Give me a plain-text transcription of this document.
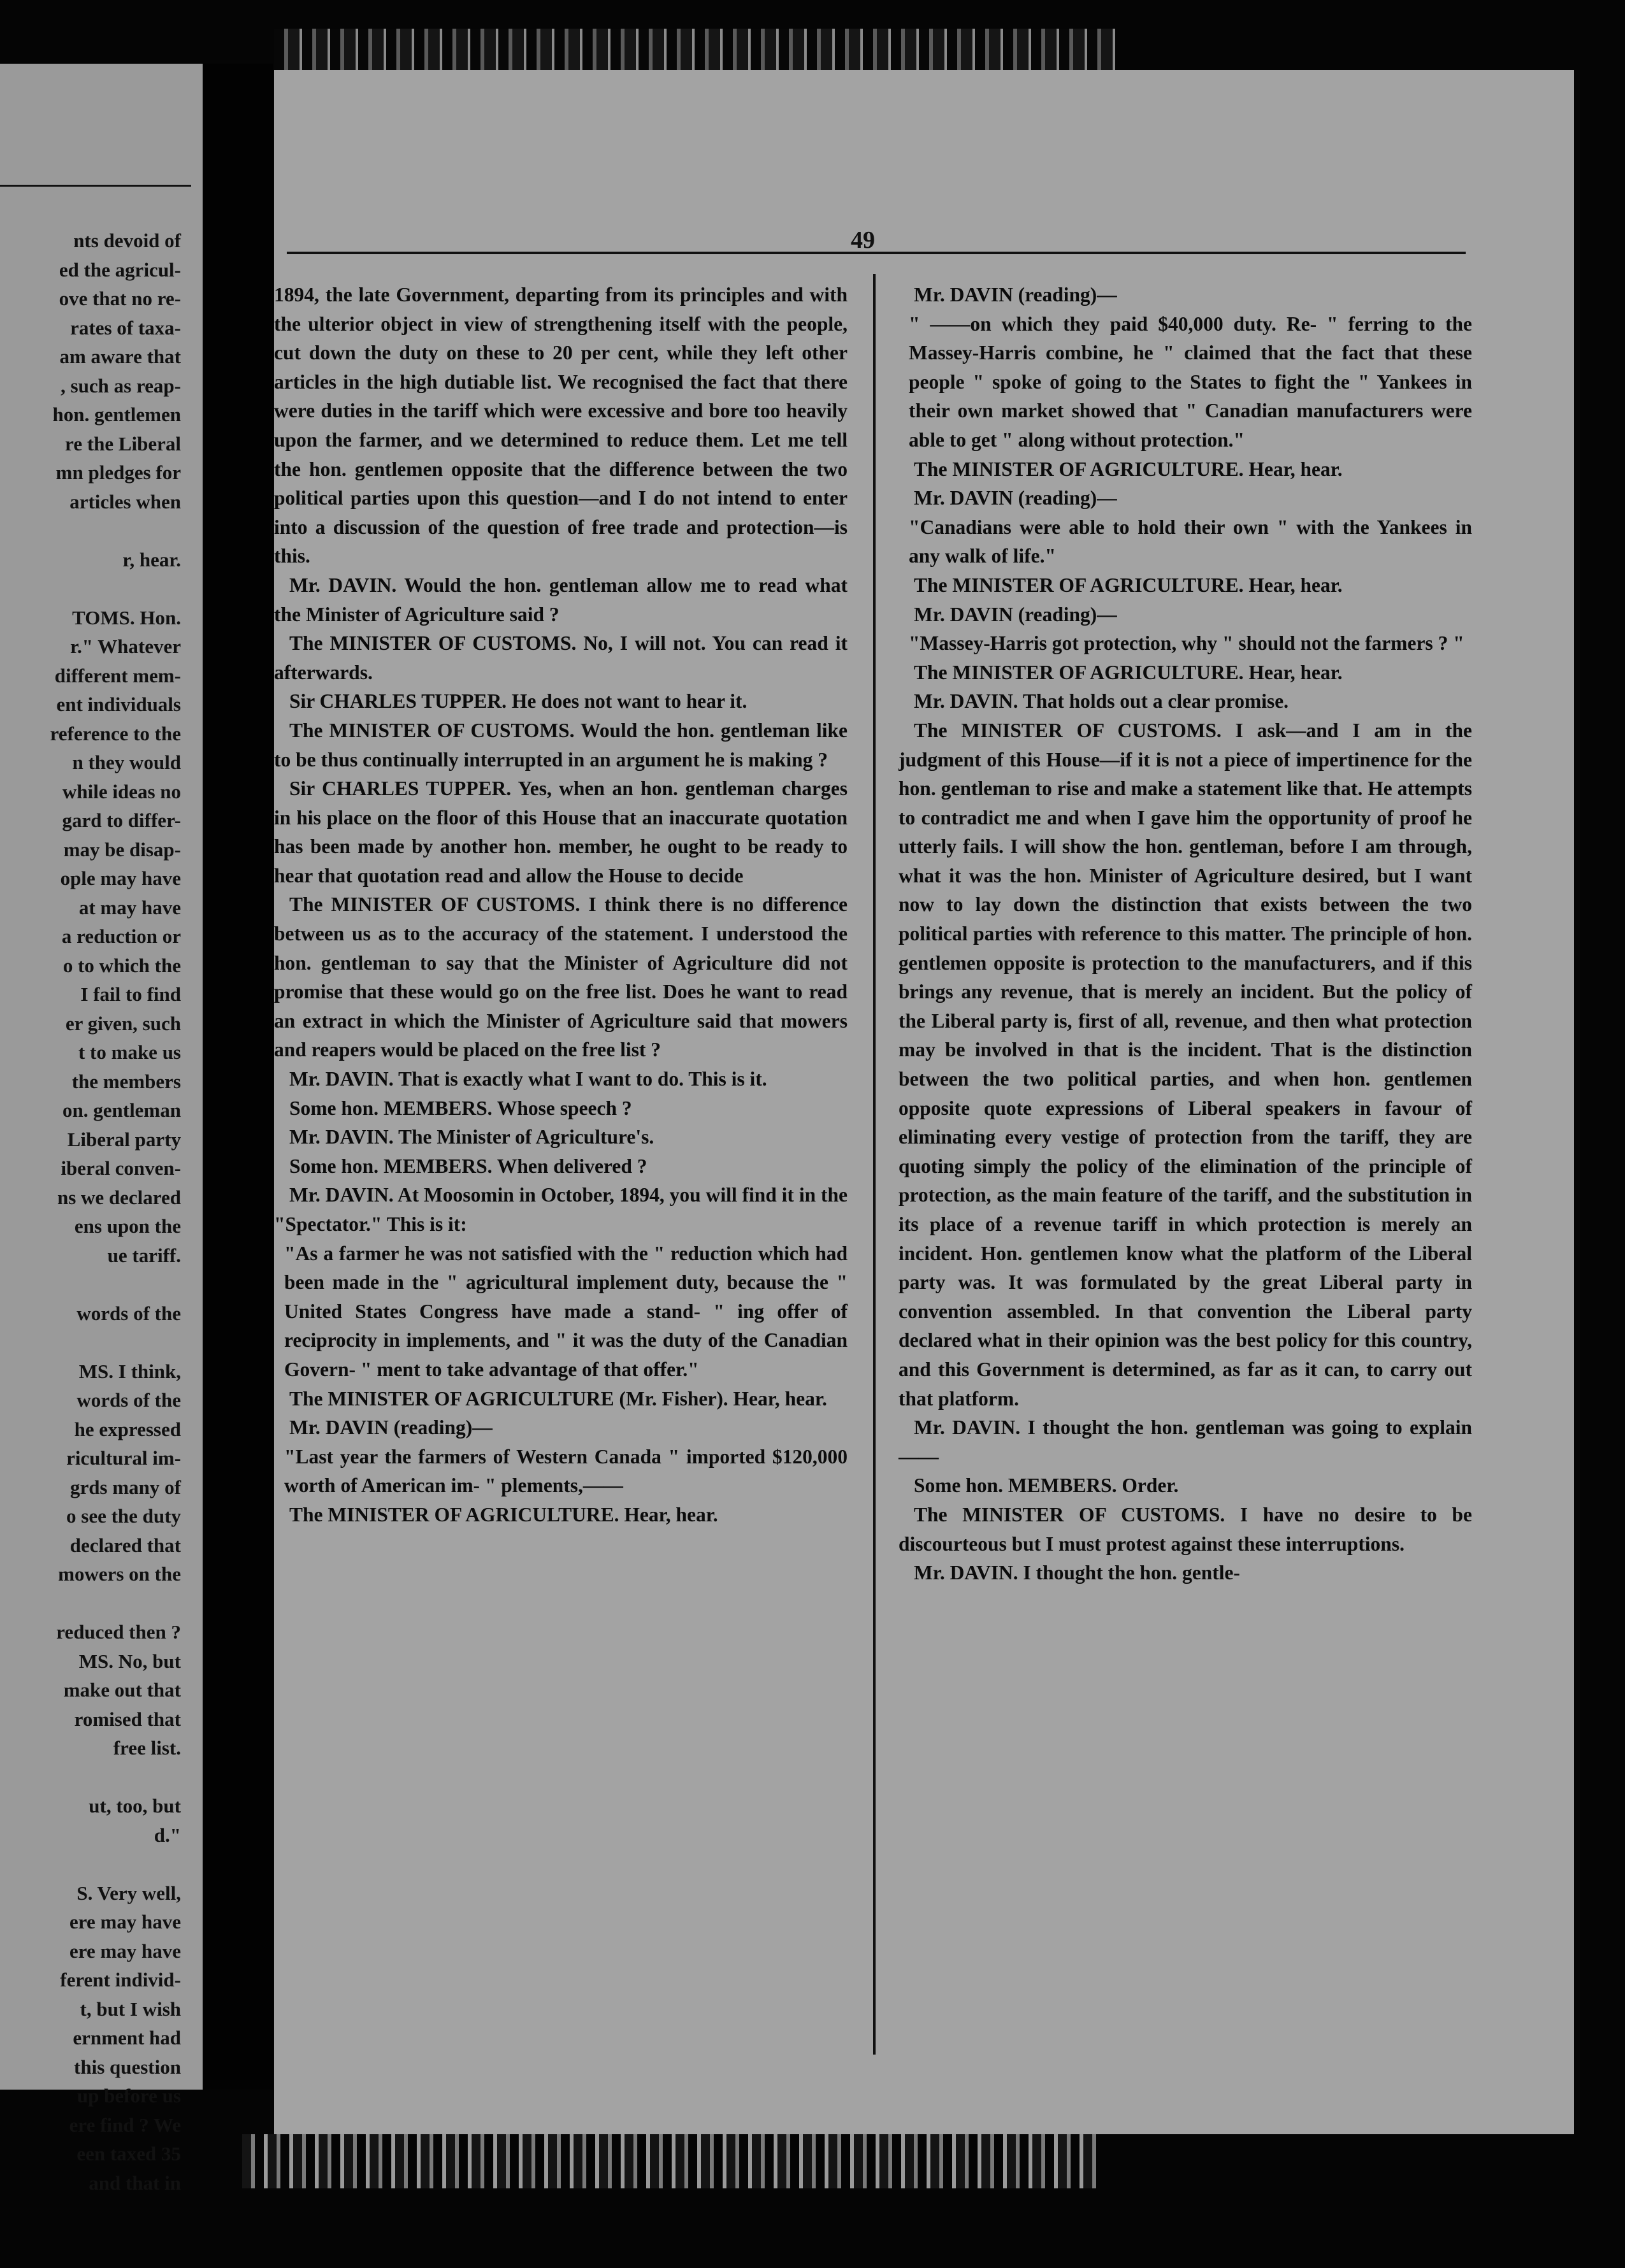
nts devoid of
ed the agricul-
ove that no re-
rates of taxa-
am aware that
, such as reap-
hon. gentlemen
re the Liberal
mn pledges for
articles when

r, hear.

TOMS. Hon.
r." Whatever
different mem-
ent individuals
reference to the
n they would
while ideas no
gard to differ-
may be disap-
ople may have
at may have
a reduction or
o to which the
I fail to find
er given, such
t to make us
the members
on. gentleman
Liberal party
iberal conven-
ns we declared
ens upon the
ue tariff.

words of the

MS. I think,
words of the
he expressed
ricultural im-
grds many of
o see the duty
declared that
mowers on the

reduced then ?
MS. No, but
make out that
romised that
free list.

ut, too, but
d."

S. Very well,
ere may have
ere may have
ferent individ-
t, but I wish
ernment had
this question
up before us
ere find ? We
een taxed 35
and that in
49

1894, the late Government, departing from its principles and with the ulterior object in view of strengthening itself with the people, cut down the duty on these to 20 per cent, while they left other articles in the high dutiable list. We recognised the fact that there were duties in the tariff which were excessive and bore too heavily upon the farmer, and we determined to reduce them. Let me tell the hon. gentlemen opposite that the difference between the two political parties upon this question—and I do not intend to enter into a discussion of the question of free trade and protection—is this.

Mr. DAVIN. Would the hon. gentleman allow me to read what the Minister of Agriculture said ?

The MINISTER OF CUSTOMS. No, I will not. You can read it afterwards.

Sir CHARLES TUPPER. He does not want to hear it.

The MINISTER OF CUSTOMS. Would the hon. gentleman like to be thus continually interrupted in an argument he is making ?

Sir CHARLES TUPPER. Yes, when an hon. gentleman charges in his place on the floor of this House that an inaccurate quotation has been made by another hon. member, he ought to be ready to hear that quotation read and allow the House to decide

The MINISTER OF CUSTOMS. I think there is no difference between us as to the accuracy of the statement. I understood the hon. gentleman to say that the Minister of Agriculture did not promise that these would go on the free list. Does he want to read an extract in which the Minister of Agriculture said that mowers and reapers would be placed on the free list ?

Mr. DAVIN. That is exactly what I want to do. This is it.

Some hon. MEMBERS. Whose speech ?

Mr. DAVIN. The Minister of Agriculture's.

Some hon. MEMBERS. When delivered ?

Mr. DAVIN. At Moosomin in October, 1894, you will find it in the "Spectator." This is it:

"As a farmer he was not satisfied with the " reduction which had been made in the " agricultural implement duty, because the " United States Congress have made a stand- " ing offer of reciprocity in implements, and " it was the duty of the Canadian Govern- " ment to take advantage of that offer."

The MINISTER OF AGRICULTURE (Mr. Fisher). Hear, hear.

Mr. DAVIN (reading)—

"Last year the farmers of Western Canada " imported $120,000 worth of American im- " plements,——

The MINISTER OF AGRICULTURE. Hear, hear.

Mr. DAVIN (reading)—

" ——on which they paid $40,000 duty. Re- " ferring to the Massey-Harris combine, he " claimed that the fact that these people " spoke of going to the States to fight the " Yankees in their own market showed that " Canadian manufacturers were able to get " along without protection."

The MINISTER OF AGRICULTURE. Hear, hear.

Mr. DAVIN (reading)—

"Canadians were able to hold their own " with the Yankees in any walk of life."

The MINISTER OF AGRICULTURE. Hear, hear.

Mr. DAVIN (reading)—

"Massey-Harris got protection, why " should not the farmers ? "

The MINISTER OF AGRICULTURE. Hear, hear.

Mr. DAVIN. That holds out a clear promise.

The MINISTER OF CUSTOMS. I ask—and I am in the judgment of this House—if it is not a piece of impertinence for the hon. gentleman to rise and make a statement like that. He attempts to contradict me and when I gave him the opportunity of proof he utterly fails. I will show the hon. gentleman, before I am through, what it was the hon. Minister of Agriculture desired, but I want now to lay down the distinction that exists between the two political parties with reference to this matter. The principle of hon. gentlemen opposite is protection to the manufacturers, and if this brings any revenue, that is merely an incident. But the policy of the Liberal party is, first of all, revenue, and then what protection may be involved in that is the incident. That is the distinction between the two political parties, and when hon. gentlemen opposite quote expressions of Liberal speakers in favour of eliminating every vestige of protection from the tariff, they are quoting simply the policy of the elimination of the principle of protection, as the main feature of the tariff, and the substitution in its place of a revenue tariff in which protection is merely an incident. Hon. gentlemen know what the platform of the Liberal party was. It was formulated by the great Liberal party in convention assembled. In that convention the Liberal party declared what in their opinion was the best policy for this country, and this Government is determined, as far as it can, to carry out that platform.

Mr. DAVIN. I thought the hon. gentleman was going to explain——

Some hon. MEMBERS. Order.

The MINISTER OF CUSTOMS. I have no desire to be discourteous but I must protest against these interruptions.

Mr. DAVIN. I thought the hon. gentle-
